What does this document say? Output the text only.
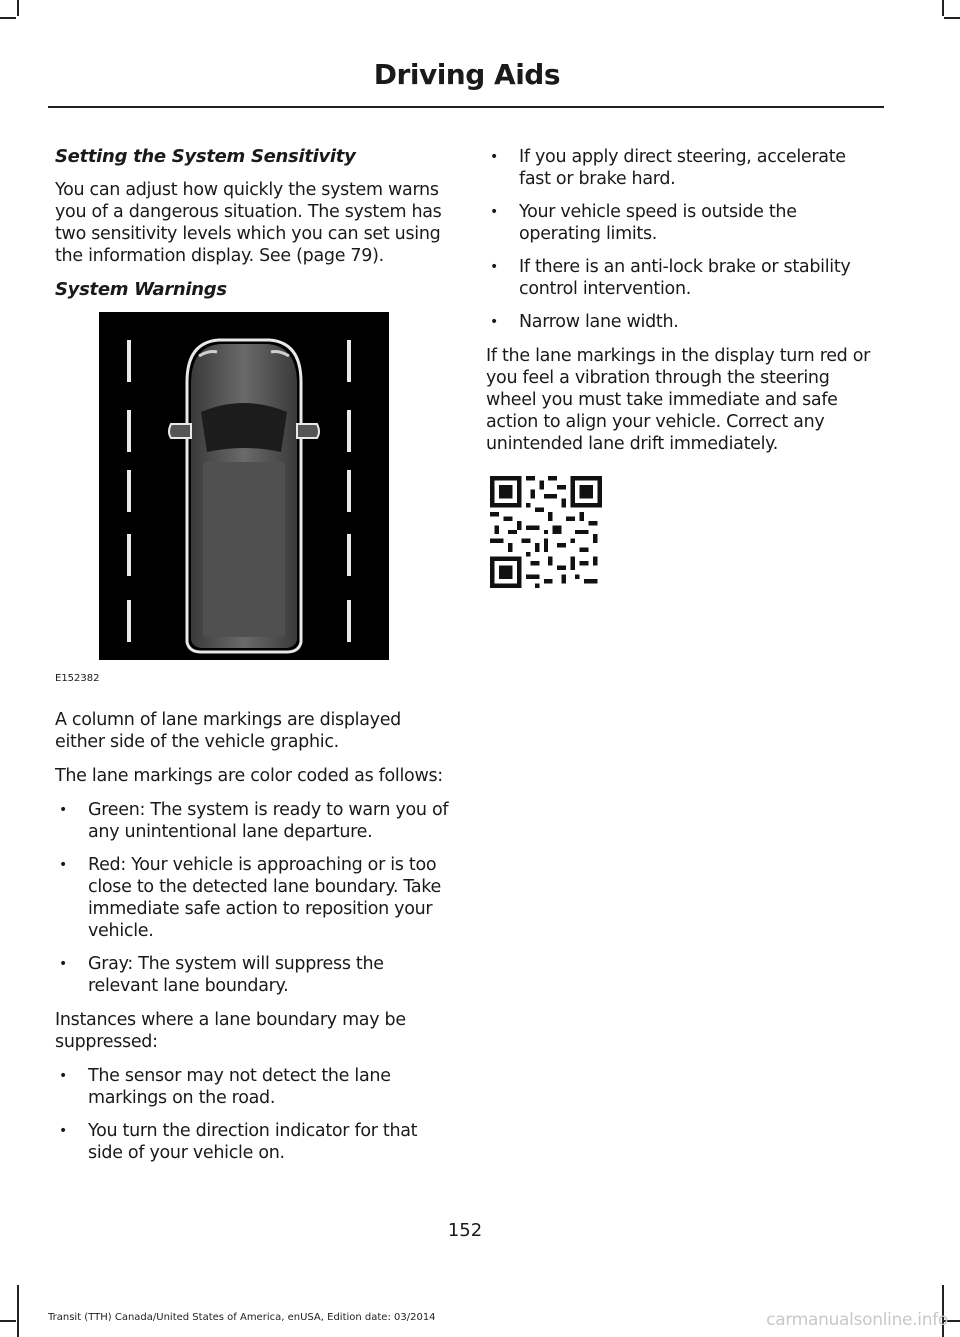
Driving Aids

Setting the System Sensitivity

You can adjust how quickly the system warns you of a dangerous situation. The system has two sensitivity levels which you can set using the information display. See (page 79).

System Warnings

E152382

A column of lane markings are displayed either side of the vehicle graphic.

The lane markings are color coded as follows:

• Green: The system is ready to warn you of any unintentional lane departure.
• Red: Your vehicle is approaching or is too close to the detected lane boundary. Take immediate safe action to reposition your vehicle.
• Gray: The system will suppress the relevant lane boundary.

Instances where a lane boundary may be suppressed:

• The sensor may not detect the lane markings on the road.
• You turn the direction indicator for that side of your vehicle on.
• If you apply direct steering, accelerate fast or brake hard.
• Your vehicle speed is outside the operating limits.
• If there is an anti-lock brake or stability control intervention.
• Narrow lane width.

If the lane markings in the display turn red or you feel a vibration through the steering wheel you must take immediate and safe action to align your vehicle. Correct any unintended lane drift immediately.

152
Transit (TTH) Canada/United States of America, enUSA, Edition date: 03/2014	carmanualsonline.info
